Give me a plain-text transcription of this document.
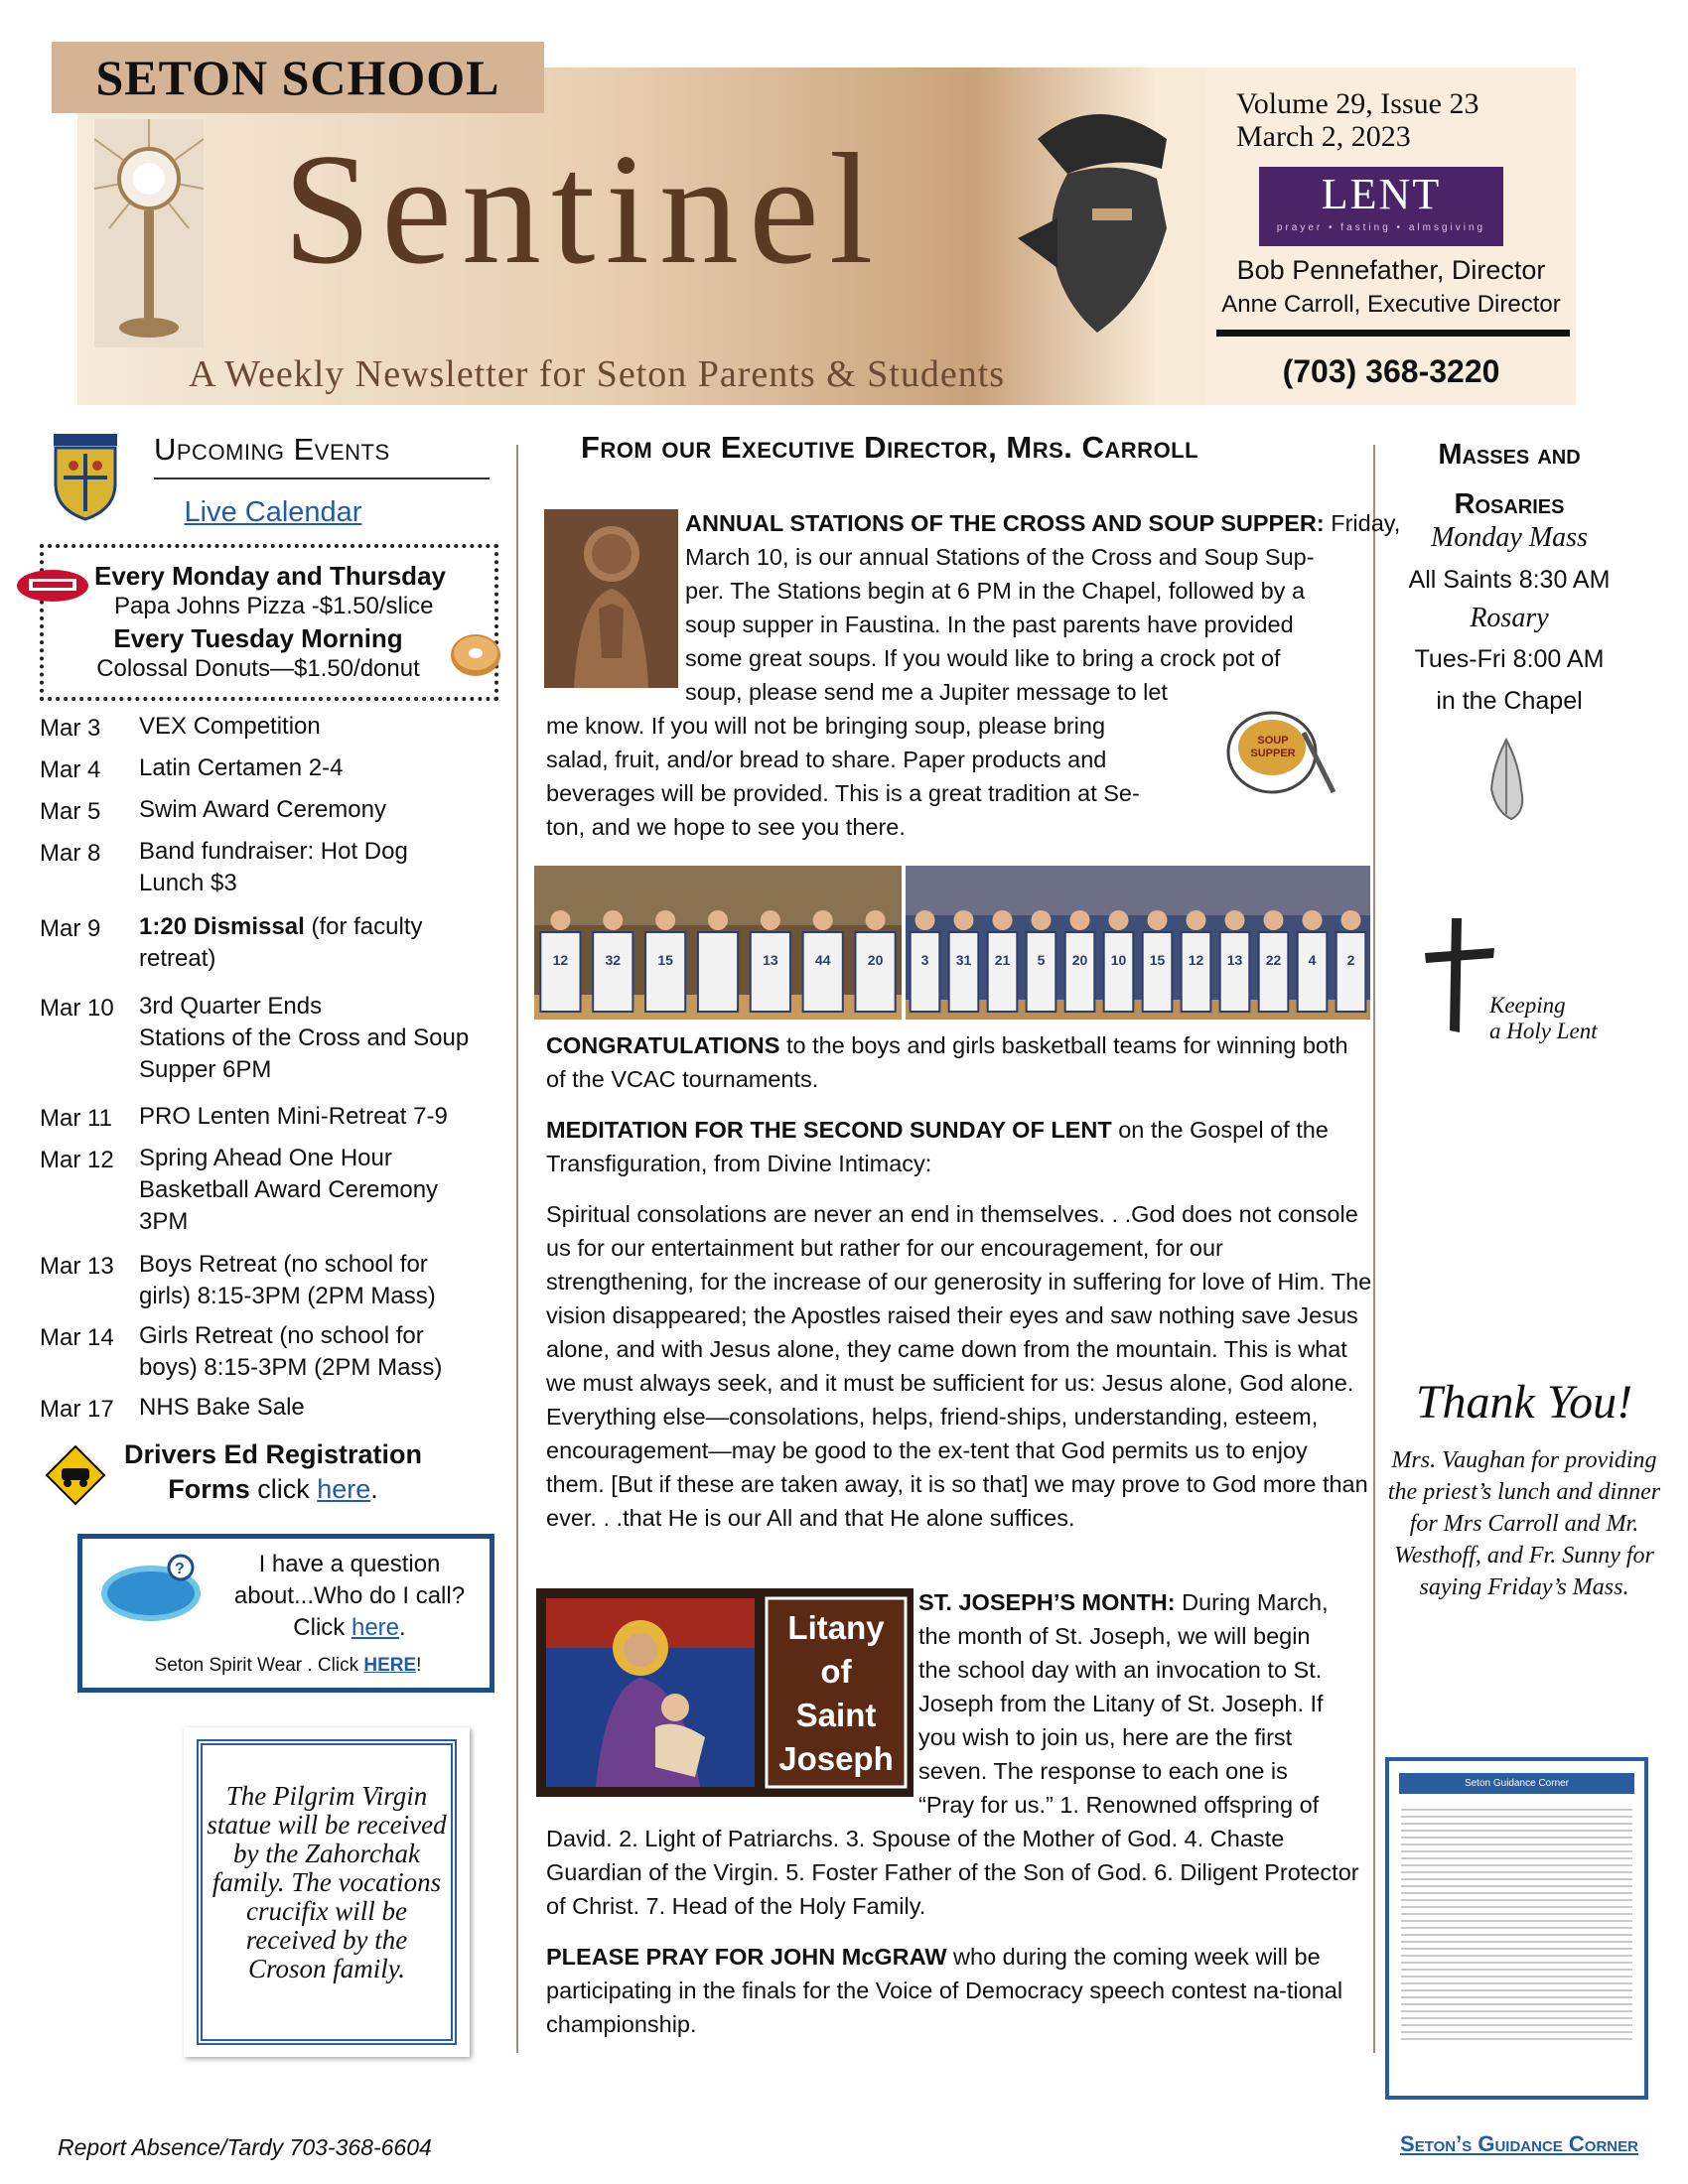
SETON SCHOOL
Sentinel
A Weekly Newsletter for Seton Parents & Students
Volume 29, Issue 23
March 2, 2023
LENT
prayer • fasting • almsgiving
Bob Pennefather, Director
Anne Carroll, Executive Director
(703) 368-3220
Upcoming Events
Live Calendar
Every Monday and Thursday
Papa Johns Pizza -$1.50/slice
Every Tuesday Morning
Colossal Donuts—$1.50/donut
Mar 3 VEX Competition
Mar 4 Latin Certamen 2-4
Mar 5 Swim Award Ceremony
Mar 8 Band fundraiser: Hot Dog Lunch $3
Mar 9 1:20 Dismissal (for faculty retreat)
Mar 10 3rd Quarter Ends
Stations of the Cross and Soup Supper 6PM
Mar 11 PRO Lenten Mini-Retreat 7-9
Mar 12 Spring Ahead One Hour
Basketball Award Ceremony 3PM
Mar 13 Boys Retreat (no school for girls) 8:15-3PM (2PM Mass)
Mar 14 Girls Retreat (no school for boys) 8:15-3PM (2PM Mass)
Mar 17 NHS Bake Sale
Drivers Ed Registration
Forms click here.
?	I have a question about...Who do I call? Click here.
Seton Spirit Wear . Click HERE!
The Pilgrim Virgin statue will be received by the Zahorchak family. The vocations crucifix will be received by the Croson family.
Report Absence/Tardy 703-368-6604
From our Executive Director, Mrs. Carroll
ANNUAL STATIONS OF THE CROSS AND SOUP SUPPER: Friday,
March 10, is our annual Stations of the Cross and Soup Sup-
per. The Stations begin at 6 PM in the Chapel, followed by a
soup supper in Faustina. In the past parents have provided
some great soups. If you would like to bring a crock pot of
soup, please send me a Jupiter message to let
me know. If you will not be bringing soup, please bring
salad, fruit, and/or bread to share. Paper products and
beverages will be provided. This is a great tradition at Se-
ton, and we hope to see you there.
SOUP SUPPER
12	32	15	13	44	20	3 31 21 5 20 10 15 12 13 22 4 2
CONGRATULATIONS to the boys and girls basketball teams for winning both of the VCAC tournaments.
MEDITATION FOR THE SECOND SUNDAY OF LENT on the Gospel of the Transfiguration, from Divine Intimacy:
Spiritual consolations are never an end in themselves. . .God does not console us for our entertainment but rather for our encouragement, for our strengthening, for the increase of our generosity in suffering for love of Him. The vision disappeared; the Apostles raised their eyes and saw nothing save Jesus alone, and with Jesus alone, they came down from the mountain. This is what we must always seek, and it must be sufficient for us: Jesus alone, God alone. Everything else—consolations, helps, friend-ships, understanding, esteem, encouragement—may be good to the ex-tent that God permits us to enjoy them. [But if these are taken away, it is so that] we may prove to God more than ever. . .that He is our All and that He alone suffices.
Litany
of
Saint
Joseph
ST. JOSEPH’S MONTH: During March,
the month of St. Joseph, we will begin
the school day with an invocation to St.
Joseph from the Litany of St. Joseph. If
you wish to join us, here are the first
seven. The response to each one is
“Pray for us.” 1. Renowned offspring of
David. 2. Light of Patriarchs. 3. Spouse of the Mother of God. 4. Chaste Guardian of the Virgin. 5. Foster Father of the Son of God. 6. Diligent Protector of Christ. 7. Head of the Holy Family.
PLEASE PRAY FOR JOHN McGRAW who during the coming week will be participating in the finals for the Voice of Democracy speech contest na-tional championship.
Masses and
Rosaries
Monday Mass
All Saints 8:30 AM
Rosary
Tues-Fri 8:00 AM
in the Chapel
Keeping
a Holy Lent
Thank You!
Mrs. Vaughan for providing the priest’s lunch and dinner for Mrs Carroll and Mr. Westhoff, and Fr. Sunny for saying Friday’s Mass.
Seton Guidance Corner
Seton’s Guidance Corner
